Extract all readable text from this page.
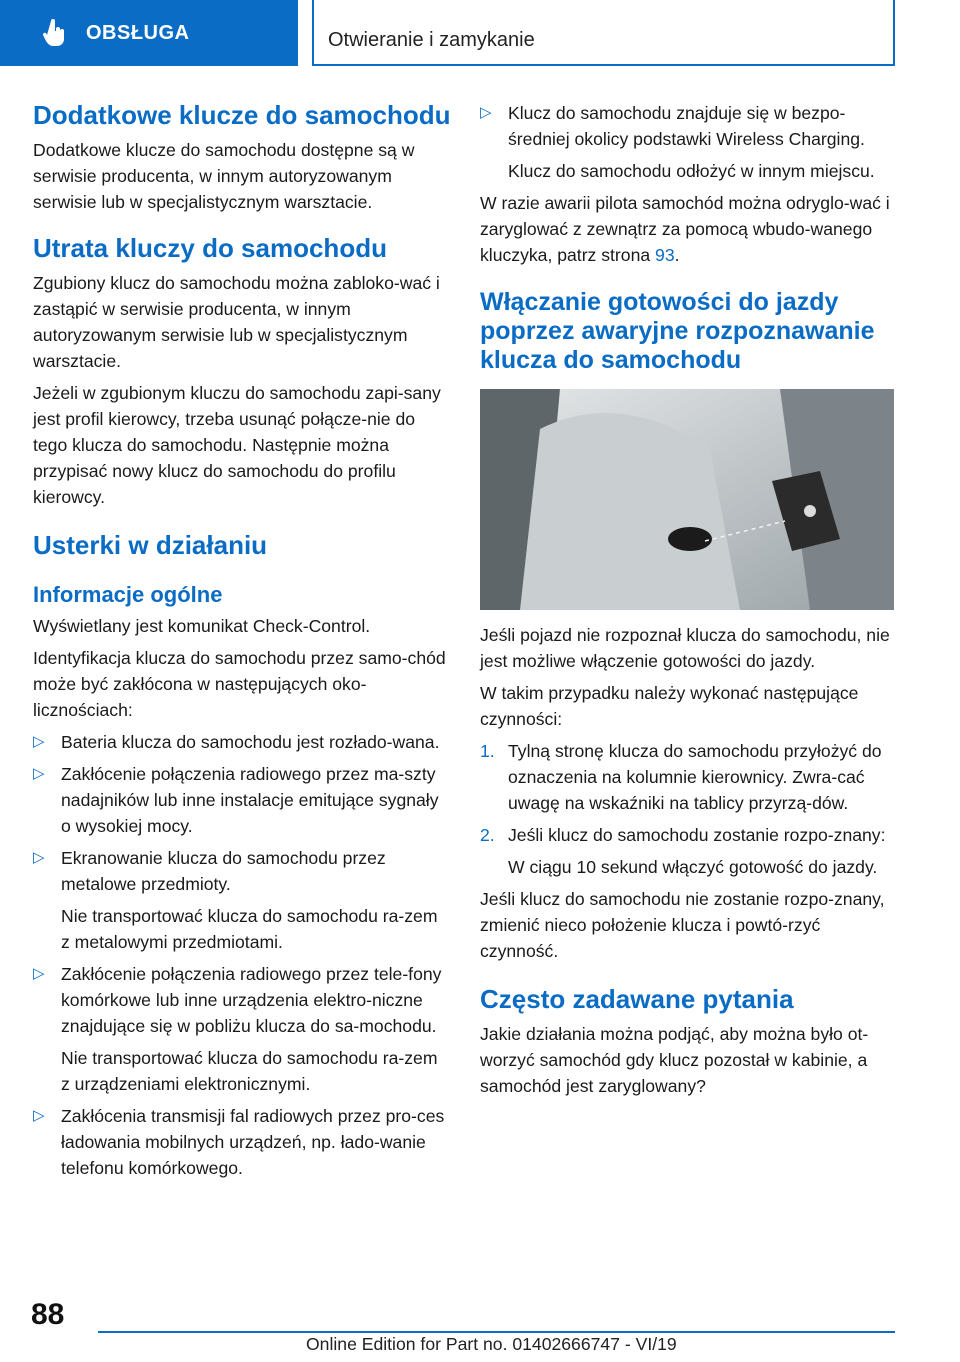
OBSŁUGA	Otwieranie i zamykanie
Dodatkowe klucze do samochodu

Dodatkowe klucze do samochodu dostępne są w serwisie producenta, w innym autoryzowanym serwisie lub w specjalistycznym warsztacie.

Utrata kluczy do samochodu

Zgubiony klucz do samochodu można zabloko-wać i zastąpić w serwisie producenta, w innym autoryzowanym serwisie lub w specjalistycznym warsztacie.

Jeżeli w zgubionym kluczu do samochodu zapi-sany jest profil kierowcy, trzeba usunąć połącze-nie do tego klucza do samochodu. Następnie można przypisać nowy klucz do samochodu do profilu kierowcy.

Usterki w działaniu
Informacje ogólne

Wyświetlany jest komunikat Check-Control.

Identyfikacja klucza do samochodu przez samo-chód może być zakłócona w następujących oko-licznościach:

▷ Bateria klucza do samochodu jest rozłado-wana.
▷ Zakłócenie połączenia radiowego przez ma-szty nadajników lub inne instalacje emitujące sygnały o wysokiej mocy.
▷ Ekranowanie klucza do samochodu przez metalowe przedmioty.

Nie transportować klucza do samochodu ra-zem z metalowymi przedmiotami.

▷ Zakłócenie połączenia radiowego przez tele-fony komórkowe lub inne urządzenia elektro-niczne znajdujące się w pobliżu klucza do sa-mochodu.

Nie transportować klucza do samochodu ra-zem z urządzeniami elektronicznymi.

▷ Zakłócenia transmisji fal radiowych przez pro-ces ładowania mobilnych urządzeń, np. łado-wanie telefonu komórkowego.
▷ Klucz do samochodu znajduje się w bezpo-średniej okolicy podstawki Wireless Charging.

Klucz do samochodu odłożyć w innym miejscu.

W razie awarii pilota samochód można odryglo-wać i zaryglować z zewnątrz za pomocą wbudo-wanego kluczyka, patrz strona 93.

Włączanie gotowości do jazdy poprzez awaryjne rozpoznawanie klucza do samochodu

Jeśli pojazd nie rozpoznał klucza do samochodu, nie jest możliwe włączenie gotowości do jazdy.

W takim przypadku należy wykonać następujące czynności:

1. Tylną stronę klucza do samochodu przyłożyć do oznaczenia na kolumnie kierownicy. Zwra-cać uwagę na wskaźniki na tablicy przyrzą-dów.
2. Jeśli klucz do samochodu zostanie rozpo-znany:

W ciągu 10 sekund włączyć gotowość do jazdy.

Jeśli klucz do samochodu nie zostanie rozpo-znany, zmienić nieco położenie klucza i powtó-rzyć czynność.

Często zadawane pytania

Jakie działania można podjąć, aby można było ot-worzyć samochód gdy klucz pozostał w kabinie, a samochód jest zaryglowany?

88
Online Edition for Part no. 01402666747 - VI/19
